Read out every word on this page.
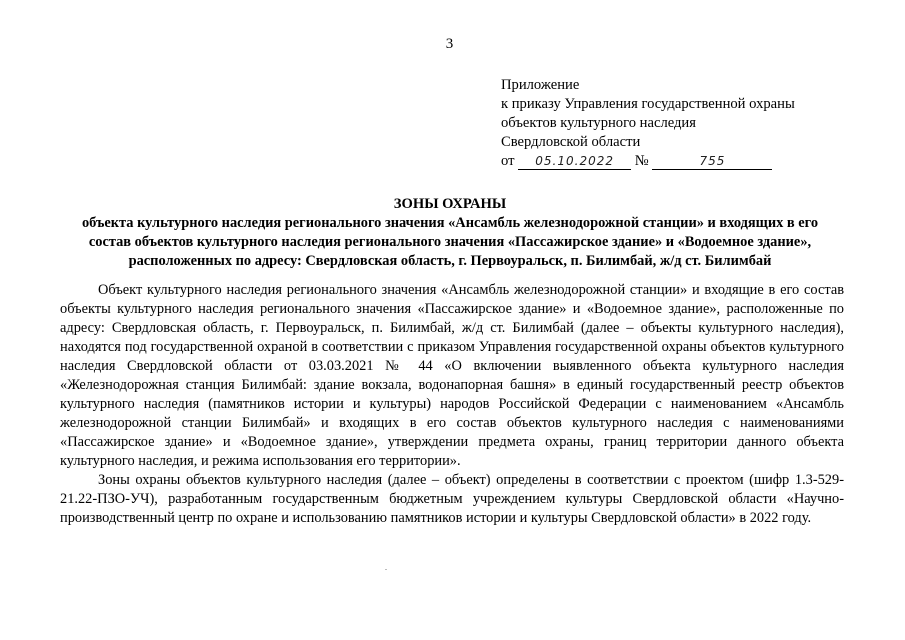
3
Приложение
к приказу Управления государственной охраны
объектов культурного наследия
Свердловской области
от 05.10.2022 №	755
ЗОНЫ ОХРАНЫ
объекта культурного наследия регионального значения «Ансамбль железнодорожной станции» и входящих в его
состав объектов культурного наследия регионального значения «Пассажирское здание» и «Водоемное здание»,
расположенных по адресу: Свердловская область, г. Первоуральск, п. Билимбай, ж/д ст. Билимбай

Объект культурного наследия регионального значения «Ансамбль железнодорожной станции» и входящие в его состав объекты культурного наследия регионального значения «Пассажирское здание» и «Водоемное здание», расположенные по адресу: Свердловская область, г. Первоуральск, п. Билимбай, ж/д ст. Билимбай (далее – объекты культурного наследия), находятся под государственной охраной в соответствии с приказом Управления государственной охраны объектов культурного наследия Свердловской области от 03.03.2021 № 44 «О включении выявленного объекта культурного наследия «Железнодорожная станция Билимбай: здание вокзала, водонапорная башня» в единый государственный реестр объектов культурного наследия (памятников истории и культуры) народов Российской Федерации с наименованием «Ансамбль железнодорожной станции Билимбай» и входящих в его состав объектов культурного наследия с наименованиями «Пассажирское здание» и «Водоемное здание», утверждении предмета охраны, границ территории данного объекта культурного наследия, и режима использования его территории».

Зоны охраны объектов культурного наследия (далее – объект) определены в соответствии с проектом (шифр 1.3-529-21.22-ПЗО-УЧ), разработанным государственным бюджетным учреждением культуры Свердловской области «Научно-производственный центр по охране и использованию памятников истории и культуры Свердловской области» в 2022 году.
